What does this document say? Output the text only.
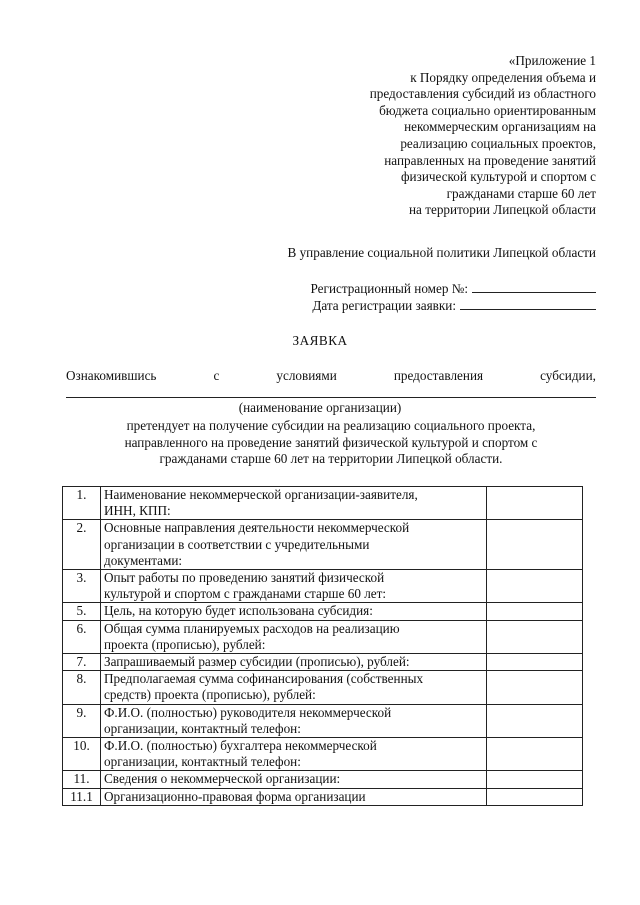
«Приложение 1
к Порядку определения объема и
предоставления субсидий из областного
бюджета социально ориентированным
некоммерческим организациям на
реализацию социальных проектов,
направленных на проведение занятий
физической культурой и спортом с
гражданами старше 60 лет
на территории Липецкой области
В управление социальной политики Липецкой области
Регистрационный номер №:
Дата регистрации заявки:
ЗАЯВКА
Ознакомившись	с	условиями	предоставления	субсидии,
(наименование организации)
претендует на получение субсидии на реализацию социального проекта,
направленного на проведение занятий физической культурой и спортом с
гражданами старше 60 лет на территории Липецкой области.
1.	Наименование некоммерческой организации-заявителя,
ИНН, КПП:	

2.	Основные направления деятельности некоммерческой
организации в соответствии с учредительными
документами:	

3.	Опыт работы по проведению занятий физической
культурой и спортом с гражданами старше 60 лет:	

5.	Цель, на которую будет использована субсидия:	

6.	Общая сумма планируемых расходов на реализацию
проекта (прописью), рублей:	

7.	Запрашиваемый размер субсидии (прописью), рублей:	

8.	Предполагаемая сумма софинансирования (собственных
средств) проекта (прописью), рублей:	

9.	Ф.И.О. (полностью) руководителя некоммерческой
организации, контактный телефон:	

10.	Ф.И.О. (полностью) бухгалтера некоммерческой
организации, контактный телефон:	

11.	Сведения о некоммерческой организации:	

11.1	Организационно-правовая форма организации	
